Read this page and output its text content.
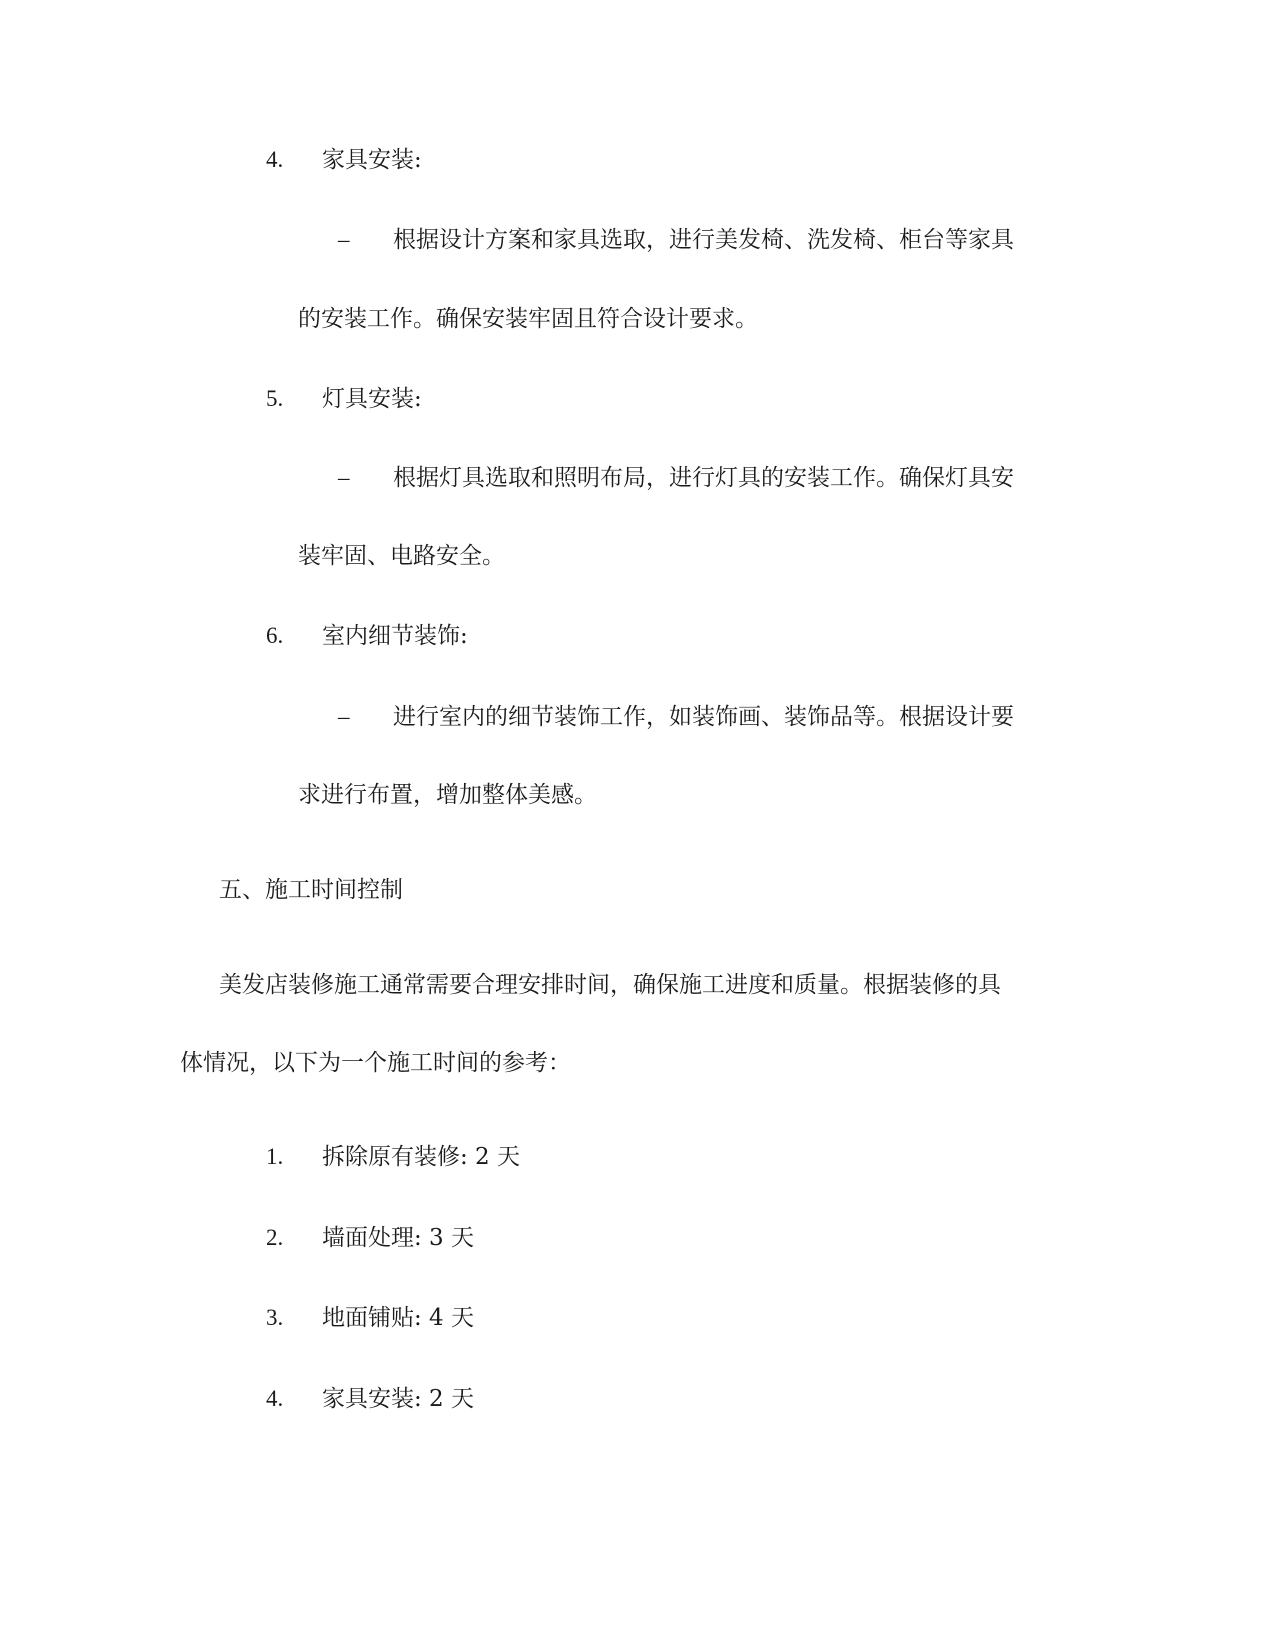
4. 家具安装:
– 根据设计方案和家具选取，进行美发椅、洗发椅、柜台等家具
的安装工作。确保安装牢固且符合设计要求。
5. 灯具安装:
– 根据灯具选取和照明布局，进行灯具的安装工作。确保灯具安
装牢固、电路安全。
6. 室内细节装饰:
– 进行室内的细节装饰工作，如装饰画、装饰品等。根据设计要
求进行布置，增加整体美感。
五、施工时间控制
美发店装修施工通常需要合理安排时间，确保施工进度和质量。根据装修的具
体情况，以下为一个施工时间的参考：
1. 拆除原有装修: 2 天
2. 墙面处理: 3 天
3. 地面铺贴: 4 天
4. 家具安装: 2 天
